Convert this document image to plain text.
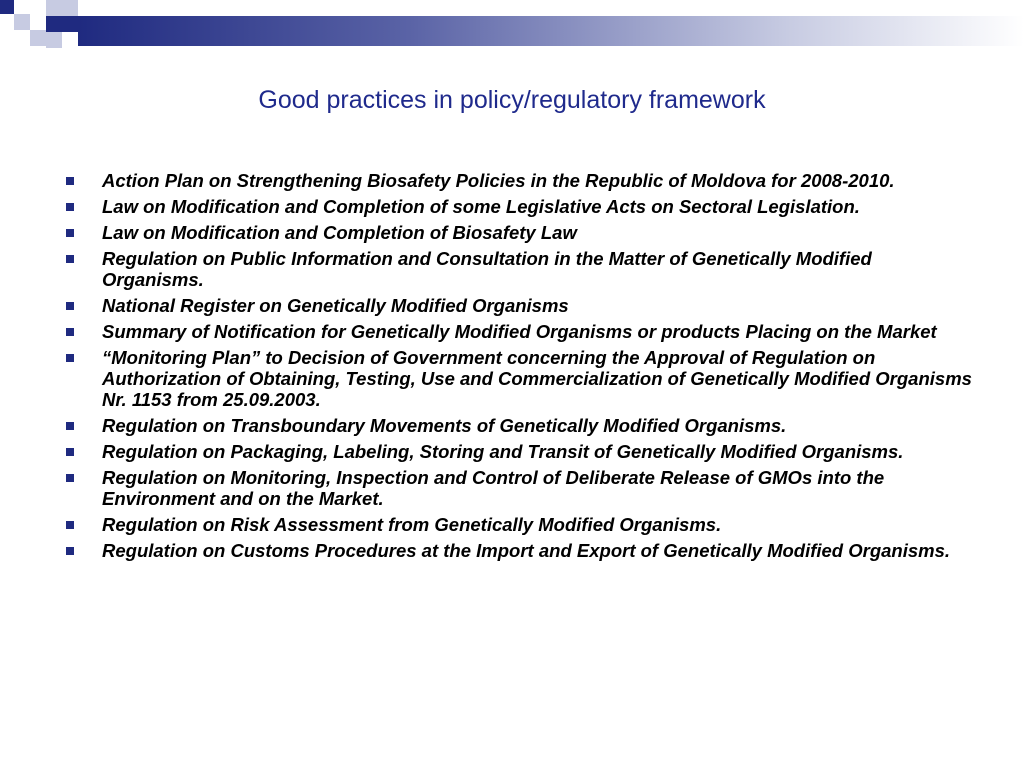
Good practices in policy/regulatory framework
Action Plan on Strengthening Biosafety Policies in the Republic of Moldova for 2008-2010.
Law on Modification and Completion of some Legislative Acts on Sectoral Legislation.
Law on Modification and Completion of Biosafety Law
Regulation on Public Information and Consultation in the Matter of Genetically Modified Organisms.
National Register on Genetically Modified Organisms
Summary of Notification for Genetically Modified Organisms or products Placing on the Market
“Monitoring Plan” to Decision of Government concerning the Approval of Regulation on Authorization of Obtaining, Testing, Use and Commercialization of Genetically Modified Organisms Nr. 1153 from 25.09.2003.
Regulation on Transboundary Movements of Genetically Modified Organisms.
Regulation on Packaging, Labeling, Storing and Transit of Genetically Modified Organisms.
Regulation on Monitoring, Inspection and Control of Deliberate Release of GMOs into the Environment and on the Market.
Regulation on Risk Assessment from Genetically Modified Organisms.
Regulation on Customs Procedures at the Import and Export of Genetically Modified Organisms.
